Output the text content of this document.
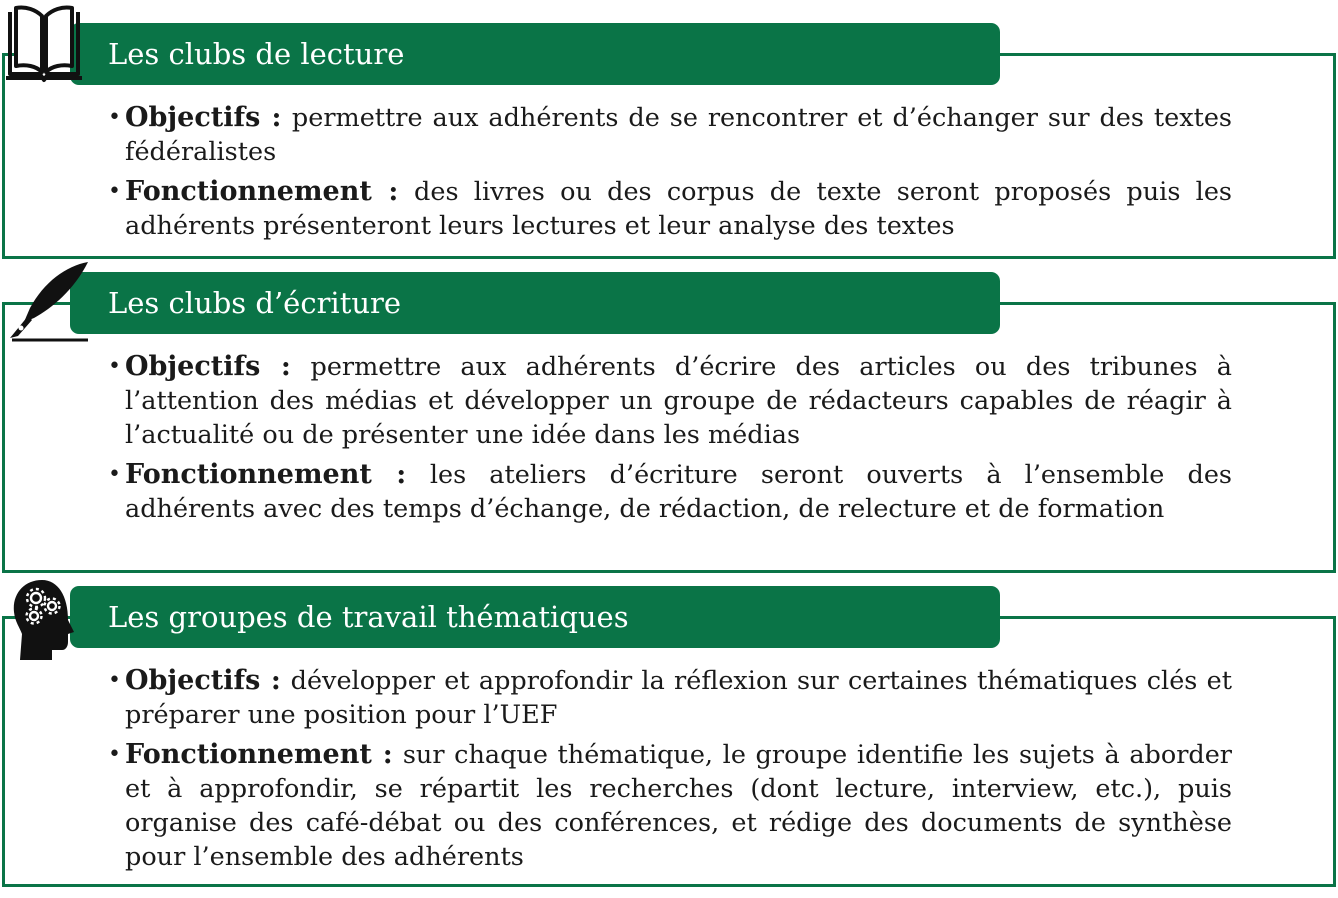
Les clubs de lecture
• Objectifs : permettre aux adhérents de se rencontrer et d’échanger sur des textes fédéralistes
• Fonctionnement : des livres ou des corpus de texte seront proposés puis les adhérents présenteront leurs lectures et leur analyse des textes
Les clubs d’écriture
• Objectifs : permettre aux adhérents d’écrire des articles ou des tribunes à l’attention des médias et développer un groupe de rédacteurs capables de réagir à l’actualité ou de présenter une idée dans les médias
• Fonctionnement : les ateliers d’écriture seront ouverts à l’ensemble des adhérents avec des temps d’échange, de rédaction, de relecture et de formation
Les groupes de travail thématiques
• Objectifs : développer et approfondir la réflexion sur certaines thématiques clés et préparer une position pour l’UEF
• Fonctionnement : sur chaque thématique, le groupe identifie les sujets à aborder et à approfondir, se répartit les recherches (dont lecture, interview, etc.), puis organise des café-débat ou des conférences, et rédige des documents de synthèse pour l’ensemble des adhérents
